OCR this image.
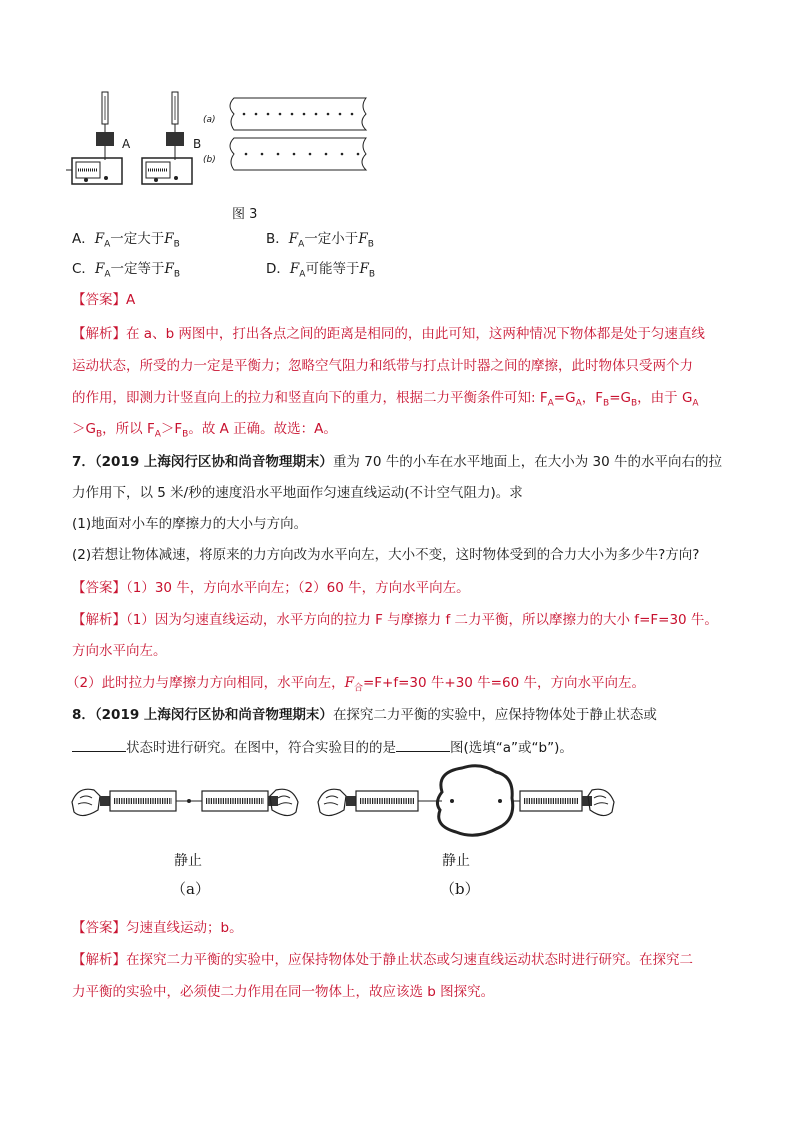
A	B
(a)
(b)
图 3
A．$F_A$一定大于$F_B$	B．$F_A$一定小于$F_B$
C．$F_A$一定等于$F_B$	D．$F_A$可能等于$F_B$
【答案】A
【解析】在 a、b 两图中，打出各点之间的距离是相同的，由此可知，这两种情况下物体都是处于匀速直线
运动状态，所受的力一定是平衡力；忽略空气阻力和纸带与打点计时器之间的摩擦，此时物体只受两个力
的作用，即测力计竖直向上的拉力和竖直向下的重力，根据二力平衡条件可知: $F_A=G_A$，$F_B=G_B$，由于 $G_A$
$>G_B$，所以 $F_A>F_B$。故 A 正确。故选：A。
7．（2019 上海闵行区协和尚音物理期末）重为 70 牛的小车在水平地面上，在大小为 30 牛的水平向右的拉
力作用下，以 5 米/秒的速度沿水平地面作匀速直线运动(不计空气阻力)。求
(1)地面对小车的摩擦力的大小与方向。
(2)若想让物体减速，将原来的力方向改为水平向左，大小不变，这时物体受到的合力大小为多少牛?方向?
【答案】（1）30 牛，方向水平向左；（2）60 牛，方向水平向左。
【解析】（1）因为匀速直线运动，水平方向的拉力 F 与摩擦力 f 二力平衡，所以摩擦力的大小 f=F=30 牛。
方向水平向左。
（2）此时拉力与摩擦力方向相同，水平向左，$F_合=F+f=30$ 牛+30 牛=60 牛，方向水平向左。
8．（2019 上海闵行区协和尚音物理期末）在探究二力平衡的实验中，应保持物体处于静止状态或
状态时进行研究。在图中，符合实验目的的是	图(选填“a”或“b”)。
静止
（a）
静止
（b）
【答案】匀速直线运动；b。
【解析】在探究二力平衡的实验中，应保持物体处于静止状态或匀速直线运动状态时进行研究。在探究二
力平衡的实验中，必须使二力作用在同一物体上，故应该选 b 图探究。
